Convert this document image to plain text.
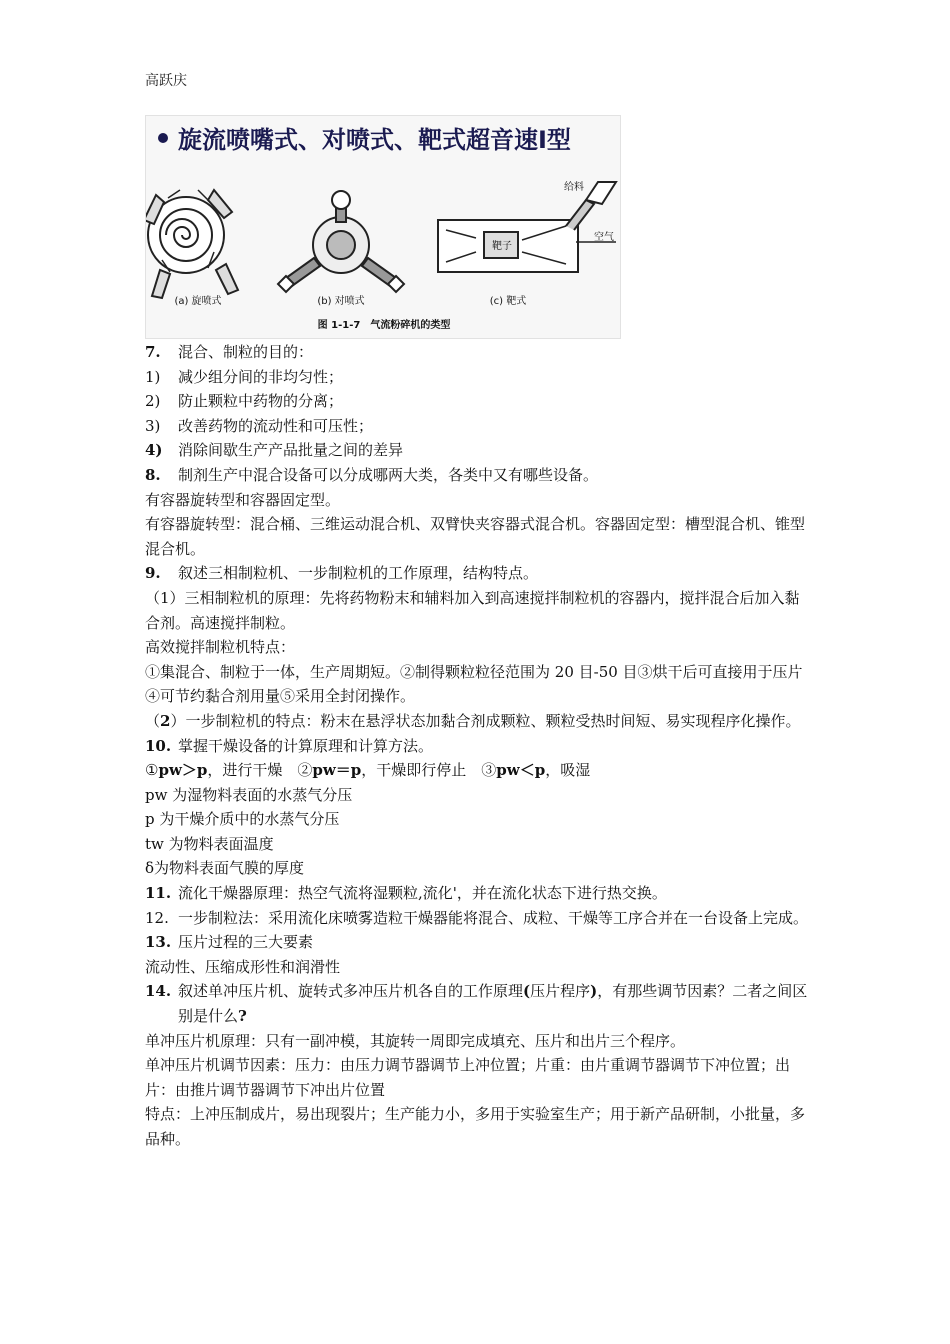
高跃庆
旋流喷嘴式、对喷式、靶式超音速I型
靶子
给料
空气
(a) 旋喷式	(b) 对喷式	(c) 靶式
图 1-1-7　气流粉碎机的类型
7.	混合、制粒的目的：
1)	减少组分间的非均匀性；
2)	防止颗粒中药物的分离；
3)	改善药物的流动性和可压性；
4)	消除间歇生产产品批量之间的差异
8.	制剂生产中混合设备可以分成哪两大类，各类中又有哪些设备。
有容器旋转型和容器固定型。
有容器旋转型：混合桶、三维运动混合机、双臂快夹容器式混合机。容器固定型：槽型混合机、锥型混合机。
9.	叙述三相制粒机、一步制粒机的工作原理，结构特点。
（1）三相制粒机的原理：先将药物粉末和辅料加入到高速搅拌制粒机的容器内，搅拌混合后加入黏合剂。高速搅拌制粒。
高效搅拌制粒机特点：
①集混合、制粒于一体，生产周期短。②制得颗粒粒径范围为 20 目-50 目③烘干后可直接用于压片④可节约黏合剂用量⑤采用全封闭操作。
（2）一步制粒机的特点：粉末在悬浮状态加黏合剂成颗粒、颗粒受热时间短、易实现程序化操作。
10. 掌握干燥设备的计算原理和计算方法。
①pw＞p，进行干燥　②pw＝p，干燥即行停止　③pw＜p，吸湿
pw 为湿物料表面的水蒸气分压
p 为干燥介质中的水蒸气分压
tw 为物料表面温度
δ为物料表面气膜的厚度
11. 流化干燥器原理：热空气流将湿颗粒,流化'，并在流化状态下进行热交换。
12. 一步制粒法：采用流化床喷雾造粒干燥器能将混合、成粒、干燥等工序合并在一台设备上完成。
13. 压片过程的三大要素
流动性、压缩成形性和润滑性
14. 叙述单冲压片机、旋转式多冲压片机各自的工作原理(压片程序)，有那些调节因素？二者之间区别是什么?
单冲压片机原理：只有一副冲模，其旋转一周即完成填充、压片和出片三个程序。
单冲压片机调节因素：压力：由压力调节器调节上冲位置；片重：由片重调节器调节下冲位置；出片：由推片调节器调节下冲出片位置
特点：上冲压制成片，易出现裂片；生产能力小，多用于实验室生产；用于新产品研制，小批量，多品种。
